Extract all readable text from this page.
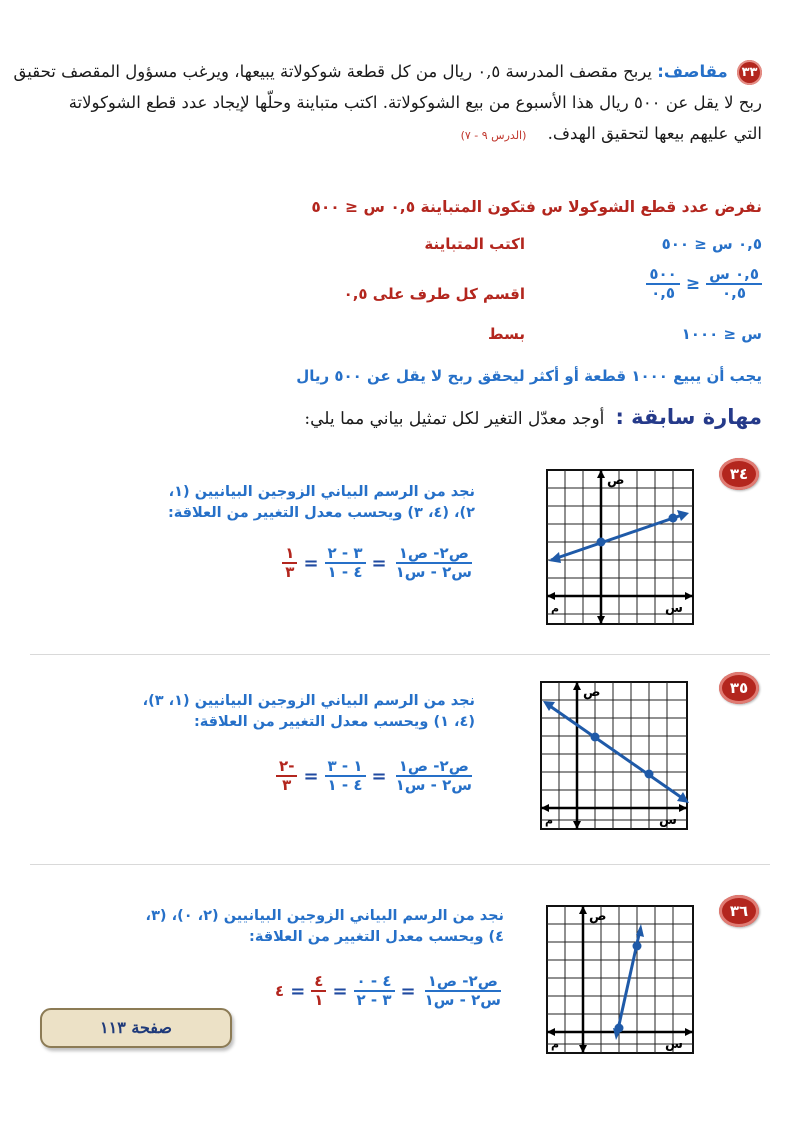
٣٣ مقاصف: يربح مقصف المدرسة ٠,٥ ريال من كل قطعة شوكولاتة يبيعها، ويرغب مسؤول المقصف تحقيق
ربح لا يقل عن ٥٠٠ ريال هذا الأسبوع من بيع الشوكولاتة. اكتب متباينة وحلّها لإيجاد عدد قطع الشوكولاتة
التي عليهم بيعها لتحقيق الهدف. (الدرس ٩ - ٧)
نفرض عدد قطع الشوكولا س فتكون المتباينة ٠,٥ س ≤ ٥٠٠
٠,٥ س ≤ ٥٠٠
اكتب المتباينة
$\frac{\text{٠,٥ س}}{٠,٥}$
≤
$\frac{٥٠٠}{٠,٥}$
اقسم كل طرف على ٠,٥
س ≤ ١٠٠٠
بسط
يجب أن يبيع ١٠٠٠ قطعة أو أكثر ليحقق ربح لا يقل عن ٥٠٠ ريال
مهارة سابقة : أوجد معدّل التغير لكل تمثيل بياني مما يلي:
٣٤
ص
س
م
نجد من الرسم البياني الزوجين البيانيين (١،
٢)، (٤، ٣) ويحسب معدل التغيير من العلاقة:
$\frac{\text{ص٢- ص١}}{\text{س٢ - س١}}$
=
$\frac{٣ - ٢}{٤ - ١}$
=
$\frac{١}{٣}$
٣٥
ص
س
م
نجد من الرسم البياني الزوجين البيانيين (١، ٣)،
(٤، ١) ويحسب معدل التغيير من العلاقة:
$\frac{\text{ص٢- ص١}}{\text{س٢ - س١}}$
=
$\frac{١ - ٣}{٤ - ١}$
=
$\frac{-٢}{٣}$
٣٦
ص
س
م
نجد من الرسم البياني الزوجين البيانيين (٢، ٠)، (٣،
٤) ويحسب معدل التغيير من العلاقة:
$\frac{\text{ص٢- ص١}}{\text{س٢ - س١}}$
=
$\frac{٤ - ٠}{٣ - ٢}$
=
$\frac{٤}{١}$
=
٤
صفحة ١١٣
